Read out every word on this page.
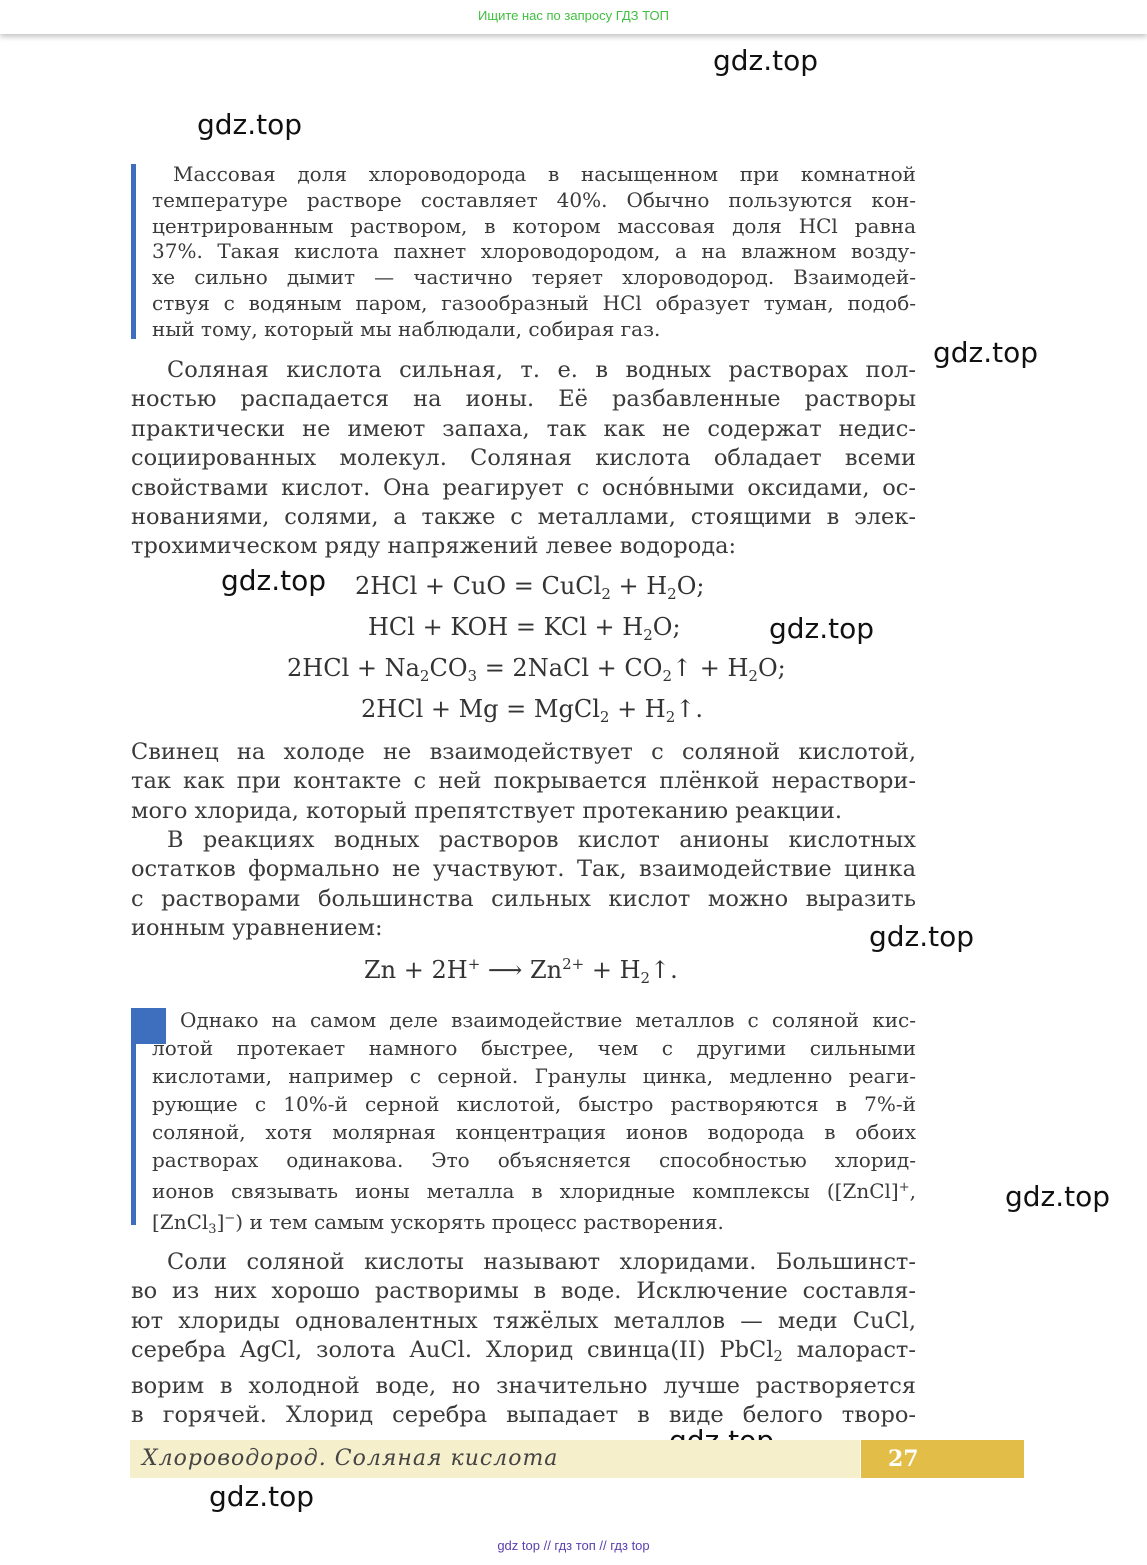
Ищите нас по запросу ГДЗ ТОП
gdz.top
gdz.top
gdz.top
gdz.top
gdz.top
gdz.top
gdz.top
gdz.top

Массовая доля хлороводорода в насыщенном при комнатной

температуре растворе составляет 40%. Обычно пользуются кон-

центрированным раствором, в котором массовая доля HCl равна

37%. Такая кислота пахнет хлороводородом, а на влажном возду-

хе сильно дымит — частично теряет хлороводород. Взаимодей-

ствуя с водяным паром, газообразный HCl образует туман, подоб-

ный тому, который мы наблюдали, собирая газ.

Соляная кислота сильная, т. е. в водных растворах пол-

ностью распадается на ионы. Её разбавленные растворы

практически не имеют запаха, так как не содержат недис-

социированных молекул. Соляная кислота обладает всеми

свойствами кислот. Она реагирует с осно́вными оксидами, ос-

нованиями, солями, а также с металлами, стоящими в элек-

трохимическом ряду напряжений левее водорода:

2HCl + CuO = CuCl$_2$ + $H_2O$;
HCl + KOH = KCl + $H_2O$;
$2HCl + Na_2CO_3$ = 2NaCl + $CO_2↑ + H_2O$;
2HCl + Mg = MgCl$_2$ + $H_2↑$.

Свинец на холоде не взаимодействует с соляной кислотой,

так как при контакте с ней покрывается плёнкой нераствори-

мого хлорида, который препятствует протеканию реакции.

В реакциях водных растворов кислот анионы кислотных

остатков формально не участвуют. Так, взаимодействие цинка

с растворами большинства сильных кислот можно выразить

ионным уравнением:

Zn + 2H+ ⟶ $Zn^{2+}$ + $H_2↑$.

Однако на самом деле взаимодействие металлов с соляной кис-

лотой протекает намного быстрее, чем с другими сильными

кислотами, например с серной. Гранулы цинка, медленно реаги-

рующие с 10%-й серной кислотой, быстро растворяются в 7%-й

соляной, хотя молярная концентрация ионов водорода в обоих

растворах одинакова. Это объясняется способностью хлорид-

ионов связывать ионы металла в хлоридные комплексы ([ZnCl]+,

[ZnCl$_3$]−) и тем самым ускорять процесс растворения.

Соли соляной кислоты называют хлоридами. Большинст-

во из них хорошо растворимы в воде. Исключение составля-

ют хлориды одновалентных тяжёлых металлов — меди CuCl,

серебра AgCl, золота AuCl. Хлорид свинца(II) PbCl$_2$ малораст-

ворим в холодной воде, но значительно лучше растворяется

в горячей. Хлорид серебра выпадает в виде белого творо-

Хлороводород. Соляная кислота	27
gdz top // гдз топ // гдз top
